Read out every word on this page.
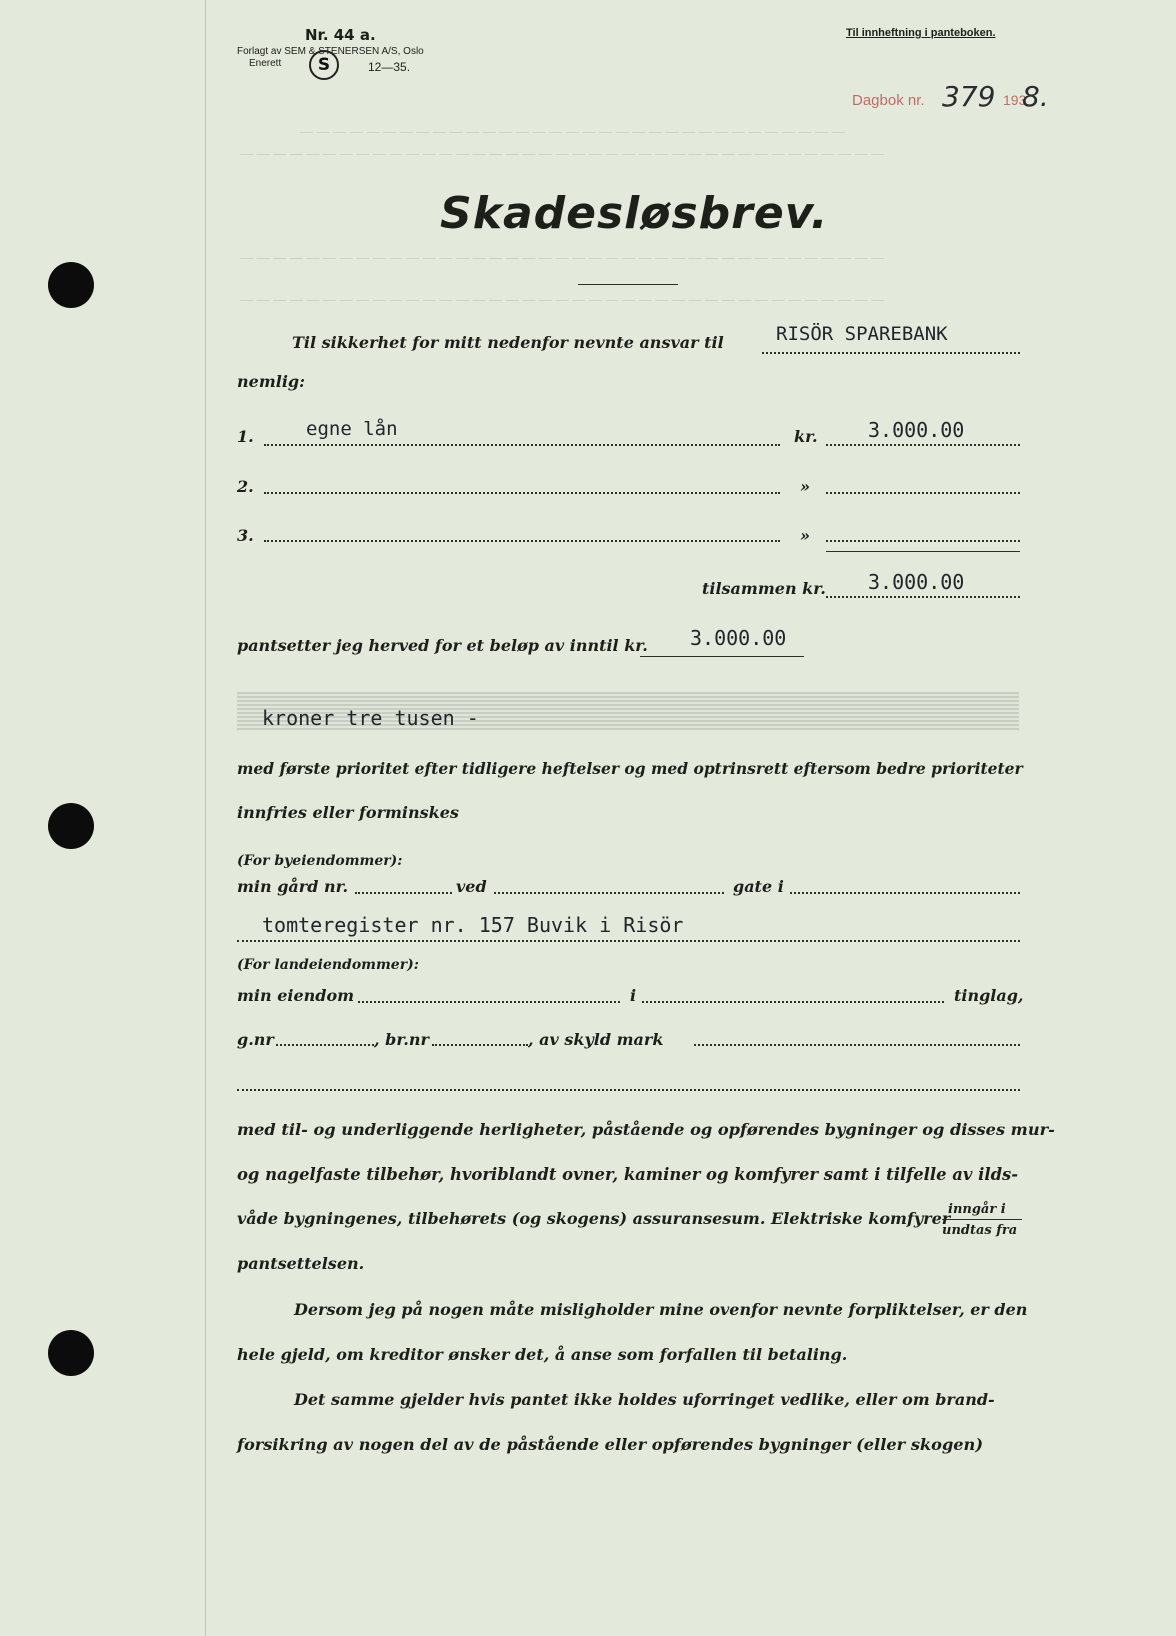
— — — — — — — — — — — — — — — — — — — — — — — — — — — — — — — — —
— — — — — — — — — — — — — — — — — — — — — — — — — — — — — — — — — — — — — — —
— — — — — — — — — — — — — — — — — — — — — — — — — — — — — — — — — — — — — — —
— — — — — — — — — — — — — — — — — — — — — — — — — — — — — — — — — — — — — — —
Nr. 44 a.
Forlagt av SEM & STENERSEN A/S, Oslo
Enerett	S	12—35.
Til innheftning i panteboken.
Dagbok nr. 379 193
8.
Skadesløsbrev.
Til sikkerhet for mitt nedenfor nevnte ansvar til	RISÖR SPAREBANK
nemlig:
1.	egne lån	kr.	3.000.00
2.	»
3.	»
tilsammen kr. 3.000.00
pantsetter jeg herved for et beløp av inntil kr. 3.000.00
kroner tre tusen -
med første prioritet efter tidligere heftelser og med optrinsrett eftersom bedre prioriteter
innfries eller forminskes
(For byeiendommer):
min gård nr.	ved	gate i
tomteregister nr. 157 Buvik i Risör
(For landeiendommer):
min eiendom	i	tinglag,
g.nr	, br.nr	, av skyld mark
med til- og underliggende herligheter, påstående og opførendes bygninger og disses mur-
og nagelfaste tilbehør, hvoriblandt ovner, kaminer og komfyrer samt i tilfelle av ilds-
våde bygningenes, tilbehørets (og skogens) assuransesum. Elektriske komfyrer
inngår i
undtas fra
pantsettelsen.
Dersom jeg på nogen måte misligholder mine ovenfor nevnte forpliktelser, er den
hele gjeld, om kreditor ønsker det, å anse som forfallen til betaling.
Det samme gjelder hvis pantet ikke holdes uforringet vedlike, eller om brand-
forsikring av nogen del av de påstående eller opførendes bygninger (eller skogen)
